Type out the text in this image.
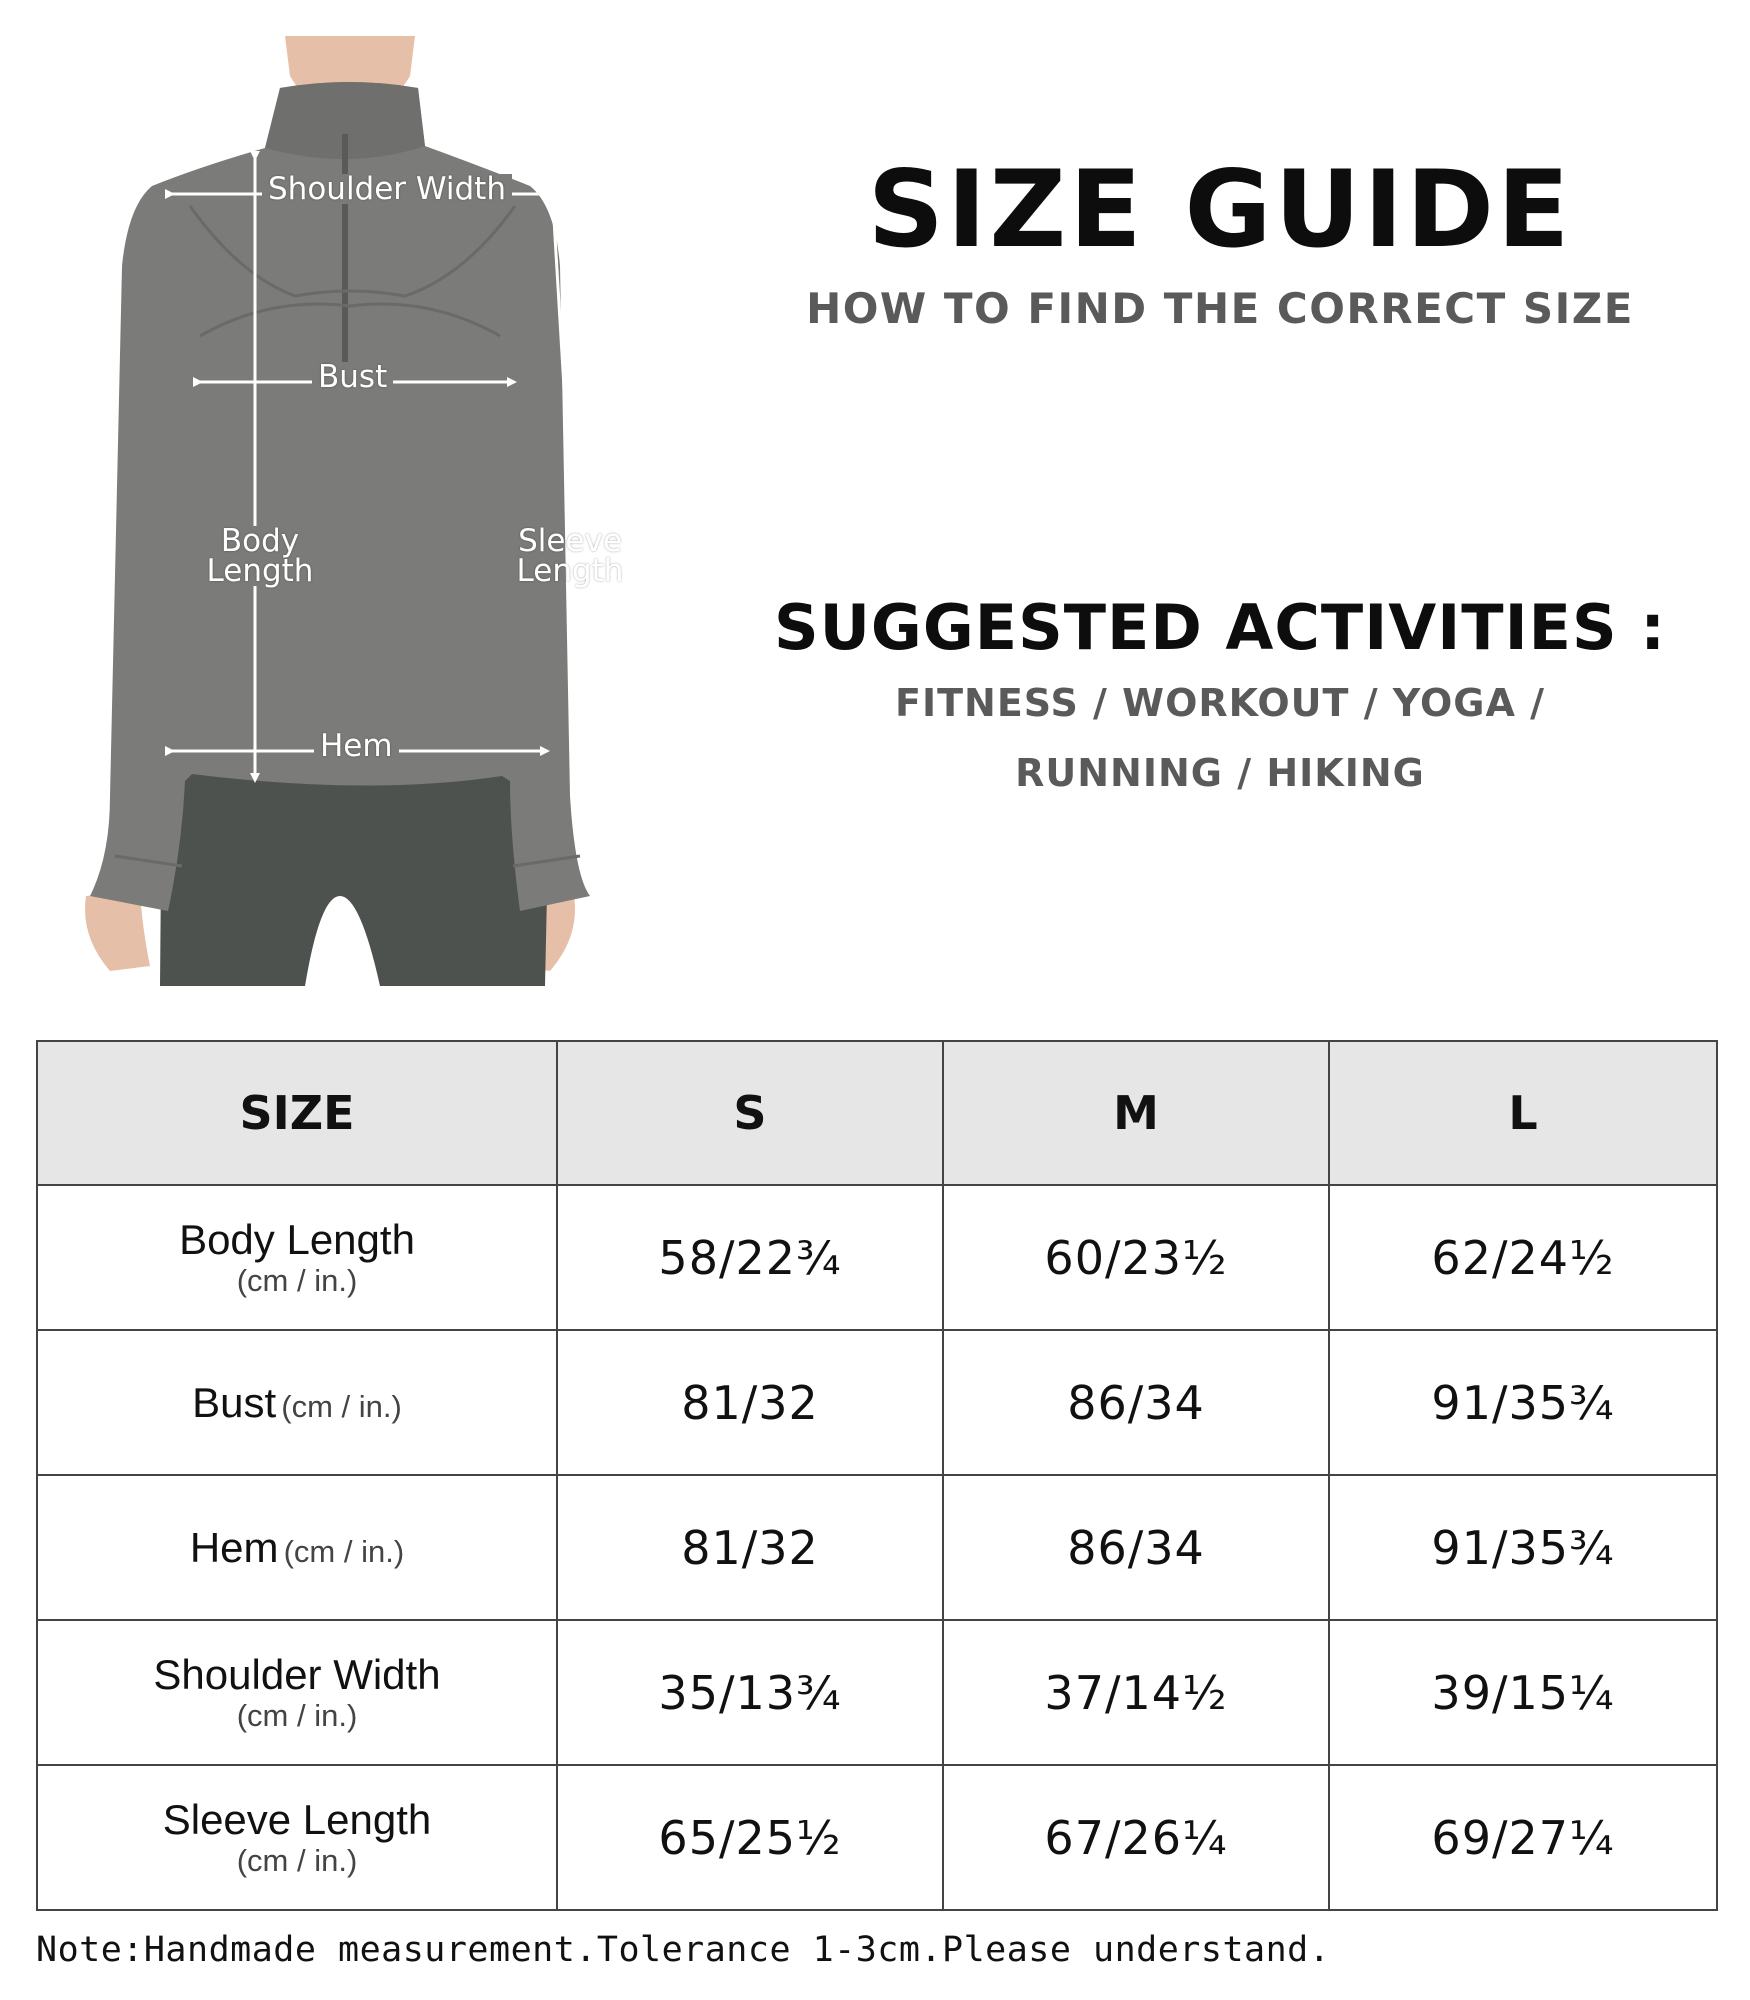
Shoulder Width
Bust
Body Length
Sleeve Length
Hem
SIZE GUIDE
HOW TO FIND THE CORRECT SIZE
SUGGESTED ACTIVITIES :
FITNESS / WORKOUT / YOGA /
RUNNING / HIKING
SIZE	S	M	L

Body Length
(cm / in.)	58/22¾	60/23½	62/24½
Bust (cm / in.)	81/32	86/34	91/35¾
Hem (cm / in.)	81/32	86/34	91/35¾

Shoulder Width
(cm / in.)	35/13¾	37/14½	39/15¼

Sleeve Length
(cm / in.)	65/25½	67/26¼	69/27¼
Note:Handmade measurement.Tolerance 1-3cm.Please understand.
